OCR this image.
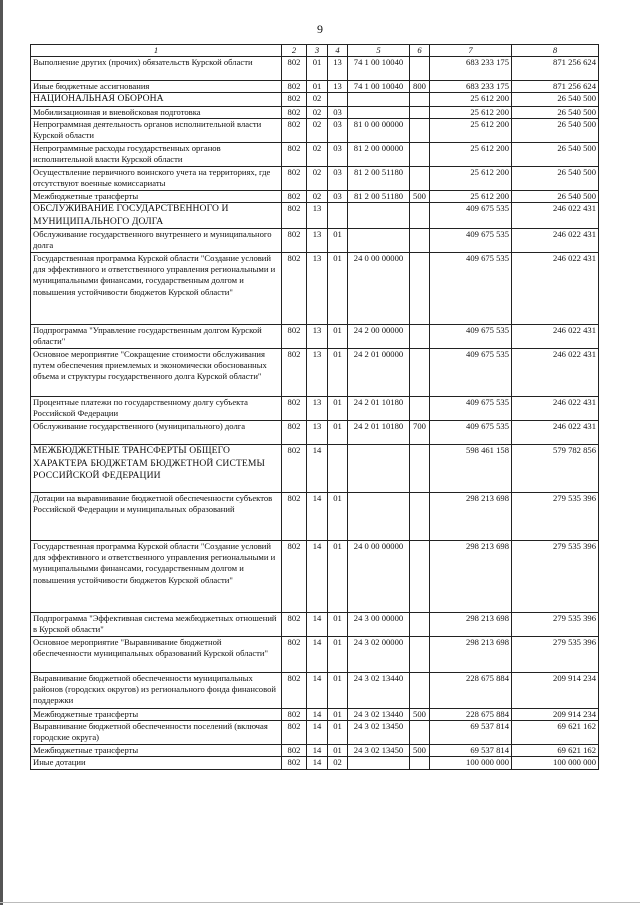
9
1	2	3	4	5	6	7	8
Выполнение других (прочих) обязательств Курской области	802	01	13	74 1 00 10040		683 233 175	871 256 624
Иные бюджетные ассигнования	802	01	13	74 1 00 10040	800	683 233 175	871 256 624
НАЦИОНАЛЬНАЯ ОБОРОНА	802	02				25 612 200	26 540 500
Мобилизационная и вневойсковая подготовка	802	02	03			25 612 200	26 540 500
Непрограммная деятельность органов исполнительной власти Курской области	802	02	03	81 0 00 00000		25 612 200	26 540 500
Непрограммные расходы государственных органов исполнительной власти Курской области	802	02	03	81 2 00 00000		25 612 200	26 540 500
Осуществление первичного воинского учета на территориях, где отсутствуют военные комиссариаты	802	02	03	81 2 00 51180		25 612 200	26 540 500
Межбюджетные трансферты	802	02	03	81 2 00 51180	500	25 612 200	26 540 500
ОБСЛУЖИВАНИЕ ГОСУДАРСТВЕННОГО И МУНИЦИПАЛЬНОГО ДОЛГА	802	13				409 675 535	246 022 431
Обслуживание государственного внутреннего и муниципального долга	802	13	01			409 675 535	246 022 431
Государственная программа Курской области "Создание условий для эффективного и ответственного управления региональными и муниципальными финансами, государственным долгом и повышения устойчивости бюджетов Курской области"	802	13	01	24 0 00 00000		409 675 535	246 022 431
Подпрограмма "Управление государственным долгом Курской области"	802	13	01	24 2 00 00000		409 675 535	246 022 431
Основное мероприятие "Сокращение стоимости обслуживания путем обеспечения приемлемых и экономически обоснованных объема и структуры государственного долга Курской области"	802	13	01	24 2 01 00000		409 675 535	246 022 431
Процентные платежи по государственному долгу субъекта Российской Федерации	802	13	01	24 2 01 10180		409 675 535	246 022 431
Обслуживание государственного (муниципального) долга	802	13	01	24 2 01 10180	700	409 675 535	246 022 431
МЕЖБЮДЖЕТНЫЕ ТРАНСФЕРТЫ ОБЩЕГО ХАРАКТЕРА БЮДЖЕТАМ БЮДЖЕТНОЙ СИСТЕМЫ РОССИЙСКОЙ ФЕДЕРАЦИИ	802	14				598 461 158	579 782 856
Дотации на выравнивание бюджетной обеспеченности субъектов Российской Федерации и муниципальных образований	802	14	01			298 213 698	279 535 396
Государственная программа Курской области "Создание условий для эффективного и ответственного управления региональными и муниципальными финансами, государственным долгом и повышения устойчивости бюджетов Курской области"	802	14	01	24 0 00 00000		298 213 698	279 535 396
Подпрограмма "Эффективная система межбюджетных отношений в Курской области"	802	14	01	24 3 00 00000		298 213 698	279 535 396
Основное мероприятие "Выравнивание бюджетной обеспеченности муниципальных образований Курской области"	802	14	01	24 3 02 00000		298 213 698	279 535 396
Выравнивание бюджетной обеспеченности муниципальных районов (городских округов) из регионального фонда финансовой поддержки	802	14	01	24 3 02 13440		228 675 884	209 914 234
Межбюджетные трансферты	802	14	01	24 3 02 13440	500	228 675 884	209 914 234
Выравнивание бюджетной обеспеченности поселений (включая городские округа)	802	14	01	24 3 02 13450		69 537 814	69 621 162
Межбюджетные трансферты	802	14	01	24 3 02 13450	500	69 537 814	69 621 162
Иные дотации	802	14	02			100 000 000	100 000 000
